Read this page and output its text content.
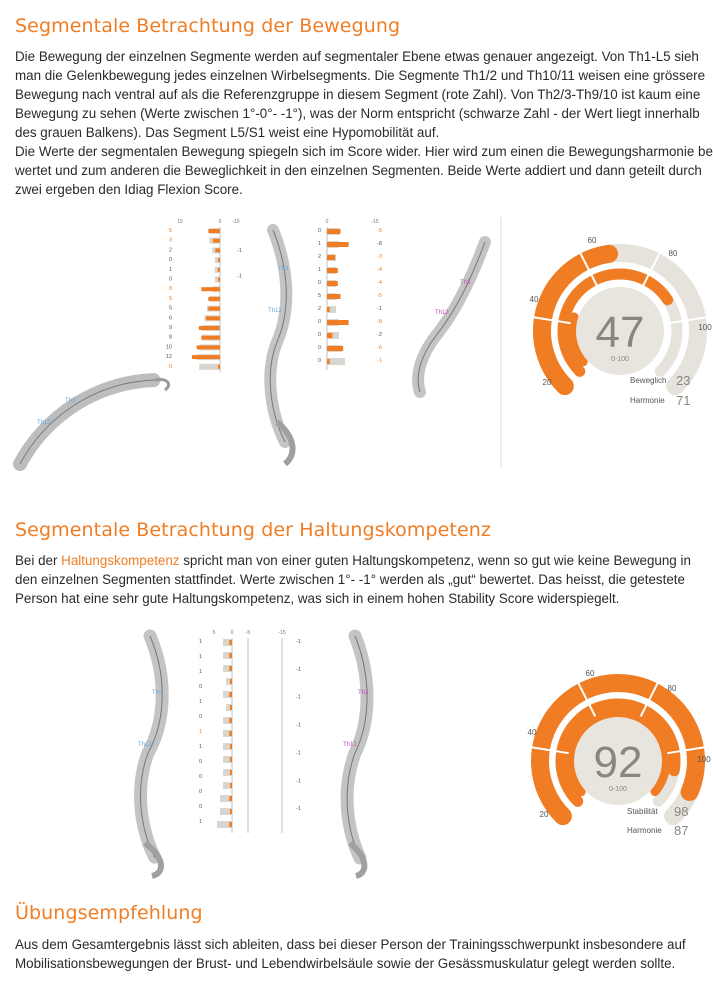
Segmentale Betrachtung der Bewegung

Die Bewegung der einzelnen Segmente werden auf segmentaler Ebene etwas genauer angezeigt. Von Th1-L5 sieh

man die Gelenkbewegung jedes einzelnen Wirbelsegments. Die Segmente Th1/2 und Th10/11 weisen eine grössere

Bewegung nach ventral auf als die Referenzgruppe in diesem Segment (rote Zahl). Von Th2/3-Th9/10 ist kaum eine

Bewegung zu sehen (Werte zwischen 1°-0°- -1°), was der Norm entspricht (schwarze Zahl - der Wert liegt innerhalb

des grauen Balkens). Das Segment L5/S1 weist eine Hypomobilität auf.

Die Werte der segmentalen Bewegung spiegeln sich im Score wider. Hier wird zum einen die Bewegungsharmonie be

wertet und zum anderen die Beweglichkeit in den einzelnen Segmenten. Beide Werte addiert und dann geteilt durch

zwei ergeben den Idiag Flexion Score.

Th3
Th12
15	0 -15
5
3
2
0
1
0
8
5
5
6
9
8
10
12
0
-1
-1
Th3
Th12
0	-15
0
1
2
1
0
5
2
0
0
0
0
-5
-8
-3
-4
-4
-5
-1
-8
-2
-6
-1
Th3
Th12	47
0-100
60
80
40
100
20	Beweglich 23
Harmonie 71
Segmentale Betrachtung der Haltungskompetenz

Bei der Haltungskompetenz spricht man von einer guten Haltungskompetenz, wenn so gut wie keine Bewegung in

den einzelnen Segmenten stattfindet. Werte zwischen 1°- -1° werden als „gut“ bewertet. Das heisst, die getestete

Person hat eine sehr gute Haltungskompetenz, was sich in einem hohen Stability Score widerspiegelt.

Th3
Th12
5	0 -5	-15
1
1
1
0
1
0
1
1
0
0
0
0
1
-1
-1
-1
-1
-1
-1
-1
Th3
Th12	92
0-100
60
80
40
100
20	Stabilität 98
Harmonie 87
Übungsempfehlung

Aus dem Gesamtergebnis lässt sich ableiten, dass bei dieser Person der Trainingsschwerpunkt insbesondere auf

Mobilisationsbewegungen der Brust- und Lebendwirbelsäule sowie der Gesässmuskulatur gelegt werden sollte.
